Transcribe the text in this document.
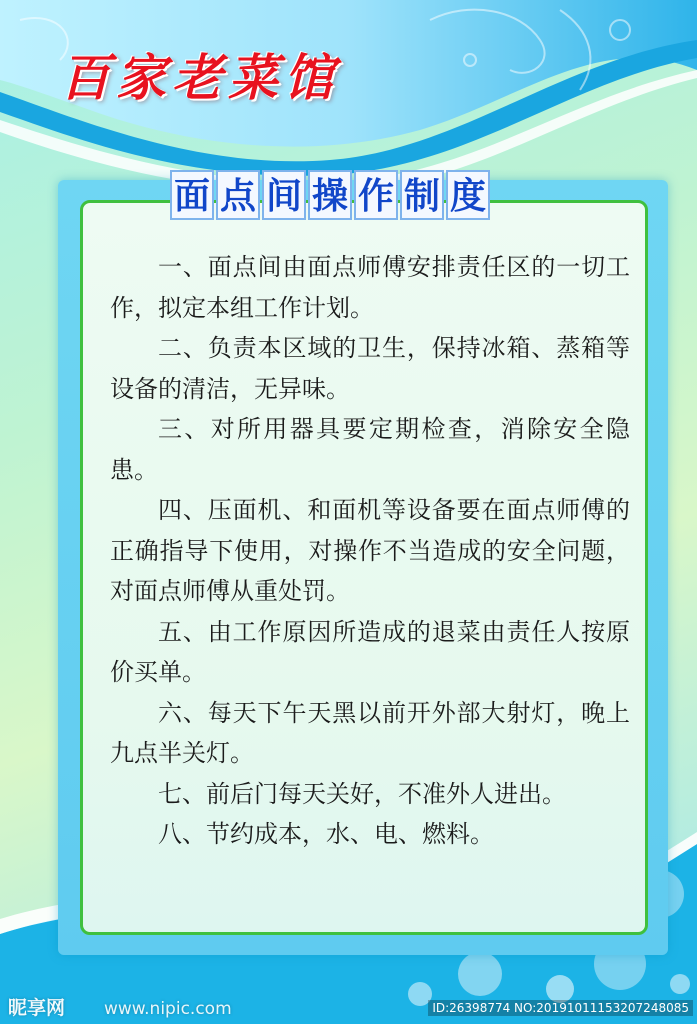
百家老菜馆
面 点 间 操 作 制 度

一、面点间由面点师傅安排责任区的一切工作，拟定本组工作计划。

二、负责本区域的卫生，保持冰箱、蒸箱等设备的清洁，无异味。

三、对所用器具要定期检查，消除安全隐患。

四、压面机、和面机等设备要在面点师傅的正确指导下使用，对操作不当造成的安全问题，对面点师傅从重处罚。

五、由工作原因所造成的退菜由责任人按原价买单。

六、每天下午天黑以前开外部大射灯，晚上九点半关灯。

七、前后门每天关好，不准外人进出。

八、节约成本，水、电、燃料。

昵享网 www.nipic.com	ID:26398774 NO:20191011153207248085
